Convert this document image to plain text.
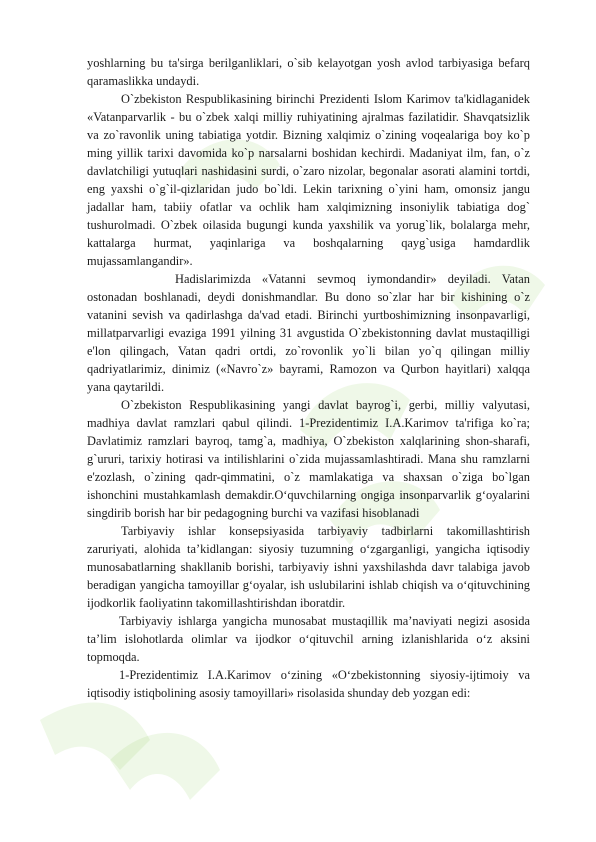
yoshlarning bu ta'sirga berilganliklari, o`sib kelayotgan yosh avlod tarbiyasiga befarq qaramaslikka undaydi.

O`zbekiston Respublikasining birinchi Prezidenti Islom Karimov ta'kidlaganidek «Vatanparvarlik - bu o`zbek xalqi milliy ruhiyatining ajralmas fazilatidir. Shavqatsizlik va zo`ravonlik uning tabiatiga yotdir. Bizning xalqimiz o`zining voqealariga boy ko`p ming yillik tarixi davomida ko`p narsalarni boshidan kechirdi. Madaniyat ilm, fan, o`z davlatchiligi yutuqlari nashidasini surdi, o`zaro nizolar, begonalar asorati alamini tortdi, eng yaxshi o`g`il-qizlaridan judo bo`ldi. Lekin tarixning o`yini ham, omonsiz jangu jadallar ham, tabiiy ofatlar va ochlik ham xalqimizning insoniylik tabiatiga dog` tushurolmadi. O`zbek oilasida bugungi kunda yaxshilik va yorug`lik, bolalarga mehr, kattalarga hurmat, yaqinlariga va boshqalarning qayg`usiga hamdardlik mujassamlangandir».

Hadislarimizda «Vatanni sevmoq iymondandir» deyiladi. Vatan ostonadan boshlanadi, deydi donishmandlar. Bu dono so`zlar har bir kishining o`z vatanini sevish va qadirlashga da'vad etadi. Birinchi yurtboshimizning insonpavarligi, millatparvarligi evaziga 1991 yilning 31 avgustida O`zbekistonning davlat mustaqilligi e'lon qilingach, Vatan qadri ortdi, zo`rovonlik yo`li bilan yo`q qilingan milliy qadriyatlarimiz, dinimiz («Navro`z» bayrami, Ramozon va Qurbon hayitlari) xalqqa yana qaytarildi.

O`zbekiston Respublikasining yangi davlat bayrog`i, gerbi, milliy valyutasi, madhiya davlat ramzlari qabul qilindi. 1-Prezidentimiz I.A.Karimov ta'rifiga ko`ra; Davlatimiz ramzlari bayroq, tamg`a, madhiya, O`zbekiston xalqlarining shon-sharafi, g`ururi, tarixiy hotirasi va intilishlarini o`zida mujassamlashtiradi. Mana shu ramzlarni e'zozlash, o`zining qadr-qimmatini, o`z mamlakatiga va shaxsan o`ziga bo`lgan ishonchini mustahkamlash demakdir.O‘quvchilarning ongiga insonparvarlik g‘oyalarini singdirib borish har bir pedagogning burchi va vazifasi hisoblanadi

Tarbiyaviy ishlar konsepsiyasida tarbiyaviy tadbirlarni takomillashtirish zaruriyati, alohida ta’kidlangan: siyosiy tuzumning o‘zgarganligi, yangicha iqtisodiy munosabatlarning shakllanib borishi, tarbiyaviy ishni yaxshilashda davr talabiga javob beradigan yangicha tamoyillar g‘oyalar, ish uslubilarini ishlab chiqish va o‘qituvchining ijodkorlik faoliyatinn takomillashtirishdan iboratdir.

Tarbiyaviy ishlarga yangicha munosabat mustaqillik ma’naviyati negizi asosida ta’lim islohotlarda olimlar va ijodkor o‘qituvchil arning izlanishlarida o‘z aksini topmoqda.

1-Prezidentimiz I.A.Karimov o‘zining «O‘zbekistonning siyosiy-ijtimoiy va iqtisodiy istiqbolining asosiy tamoyillari» risolasida shunday deb yozgan edi:
